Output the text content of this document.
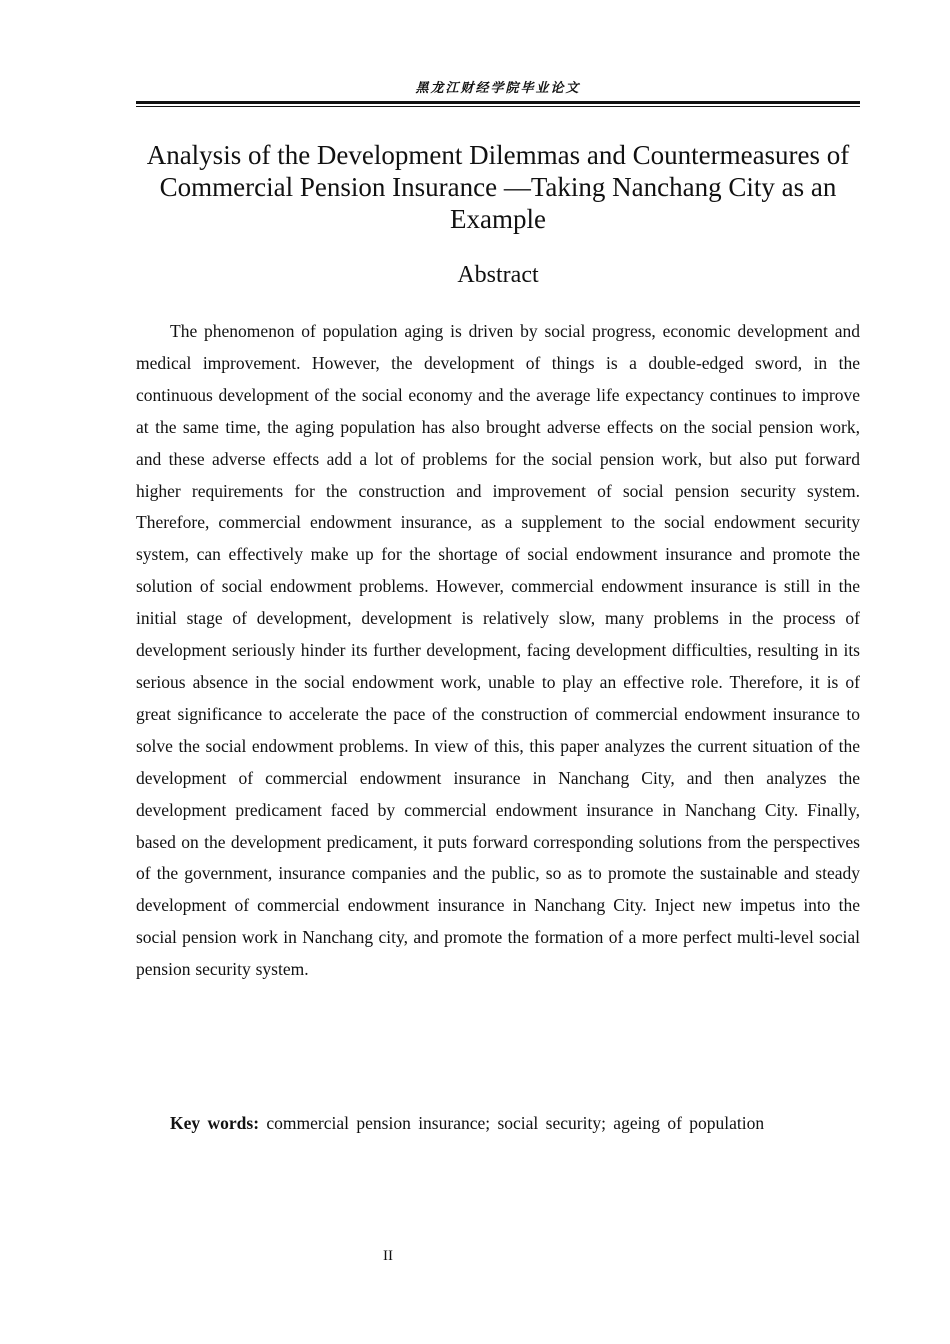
黑龙江财经学院毕业论文
Analysis of the Development Dilemmas and Countermeasures of Commercial Pension Insurance —Taking Nanchang City as an Example
Abstract

The phenomenon of population aging is driven by social progress, economic development and medical improvement. However, the development of things is a double-edged sword, in the continuous development of the social economy and the average life expectancy continues to improve at the same time, the aging population has also brought adverse effects on the social pension work, and these adverse effects add a lot of problems for the social pension work, but also put forward higher requirements for the construction and improvement of social pension security system. Therefore, commercial endowment insurance, as a supplement to the social endowment security system, can effectively make up for the shortage of social endowment insurance and promote the solution of social endowment problems. However, commercial endowment insurance is still in the initial stage of development, development is relatively slow, many problems in the process of development seriously hinder its further development, facing development difficulties, resulting in its serious absence in the social endowment work, unable to play an effective role. Therefore, it is of great significance to accelerate the pace of the construction of commercial endowment insurance to solve the social endowment problems. In view of this, this paper analyzes the current situation of the development of commercial endowment insurance in Nanchang City, and then analyzes the development predicament faced by commercial endowment insurance in Nanchang City. Finally, based on the development predicament, it puts forward corresponding solutions from the perspectives of the government, insurance companies and the public, so as to promote the sustainable and steady development of commercial endowment insurance in Nanchang City. Inject new impetus into the social pension work in Nanchang city, and promote the formation of a more perfect multi-level social pension security system.

Key words: commercial pension insurance; social security; ageing of population

II
